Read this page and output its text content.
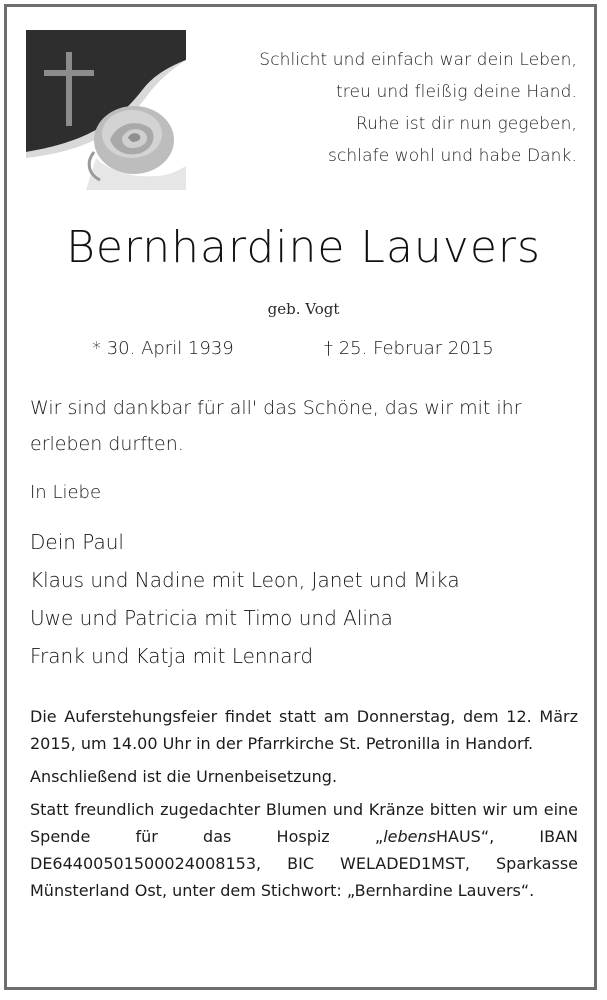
Schlicht und einfach war dein Leben,
treu und fleißig deine Hand.
Ruhe ist dir nun gegeben,
schlafe wohl und habe Dank.
Bernhardine Lauvers
geb. Vogt
* 30. April 1939	† 25. Februar 2015
Wir sind dankbar für all' das Schöne, das wir mit ihr erleben durften.
In Liebe
Dein Paul
Klaus und Nadine mit Leon, Janet und Mika
Uwe und Patricia mit Timo und Alina
Frank und Katja mit Lennard

Die Auferstehungsfeier findet statt am Donnerstag, dem 12. März 2015, um 14.00 Uhr in der Pfarrkirche St. Petronilla in Handorf.

Anschließend ist die Urnenbeisetzung.

Statt freundlich zugedachter Blumen und Kränze bitten wir um eine Spende für das Hospiz „lebensHAUS“, IBAN DE64400501500024008153, BIC WELADED1MST, Sparkasse Münsterland Ost, unter dem Stichwort: „Bernhardine Lauvers“.
